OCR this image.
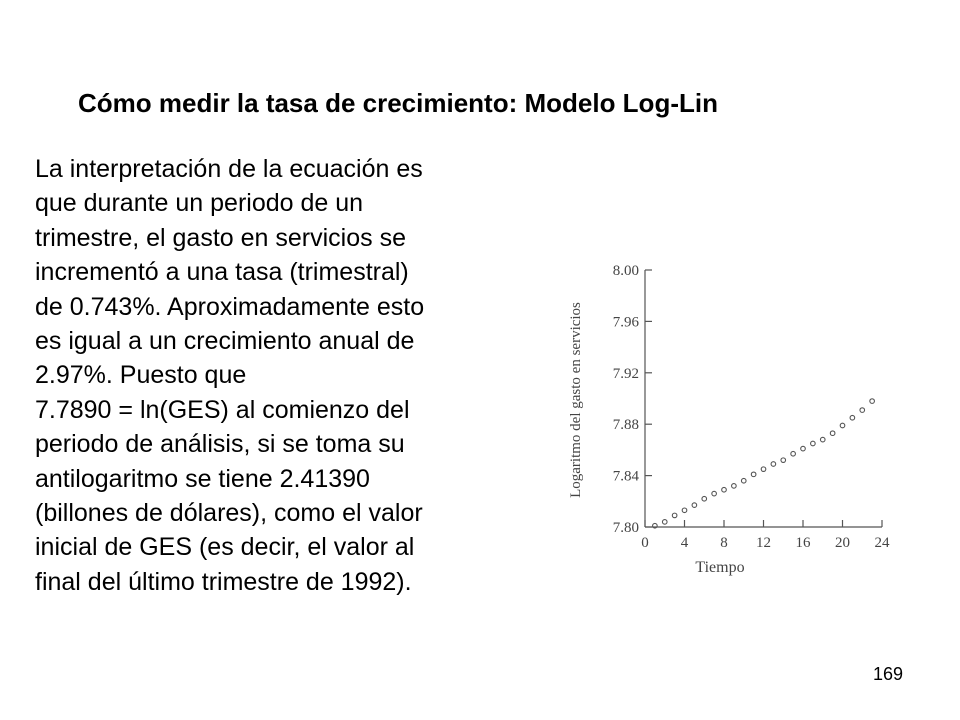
Cómo medir la tasa de crecimiento: Modelo Log-Lin
La interpretación de la ecuación es
que durante un periodo de un
trimestre, el gasto en servicios se
incrementó a una tasa (trimestral)
de 0.743%. Aproximadamente esto
es igual a un crecimiento anual de
2.97%. Puesto que
7.7890 = ln(GES) al comienzo del
periodo de análisis, si se toma su
antilogaritmo se tiene 2.41390
(billones de dólares), como el valor
inicial de GES (es decir, el valor al
final del último trimestre de 1992).
Logaritmo del gasto en servicios
Tiempo
7.80
7.84
7.88
7.92
7.96
8.00
0 4 8 12 16 20 24
169
